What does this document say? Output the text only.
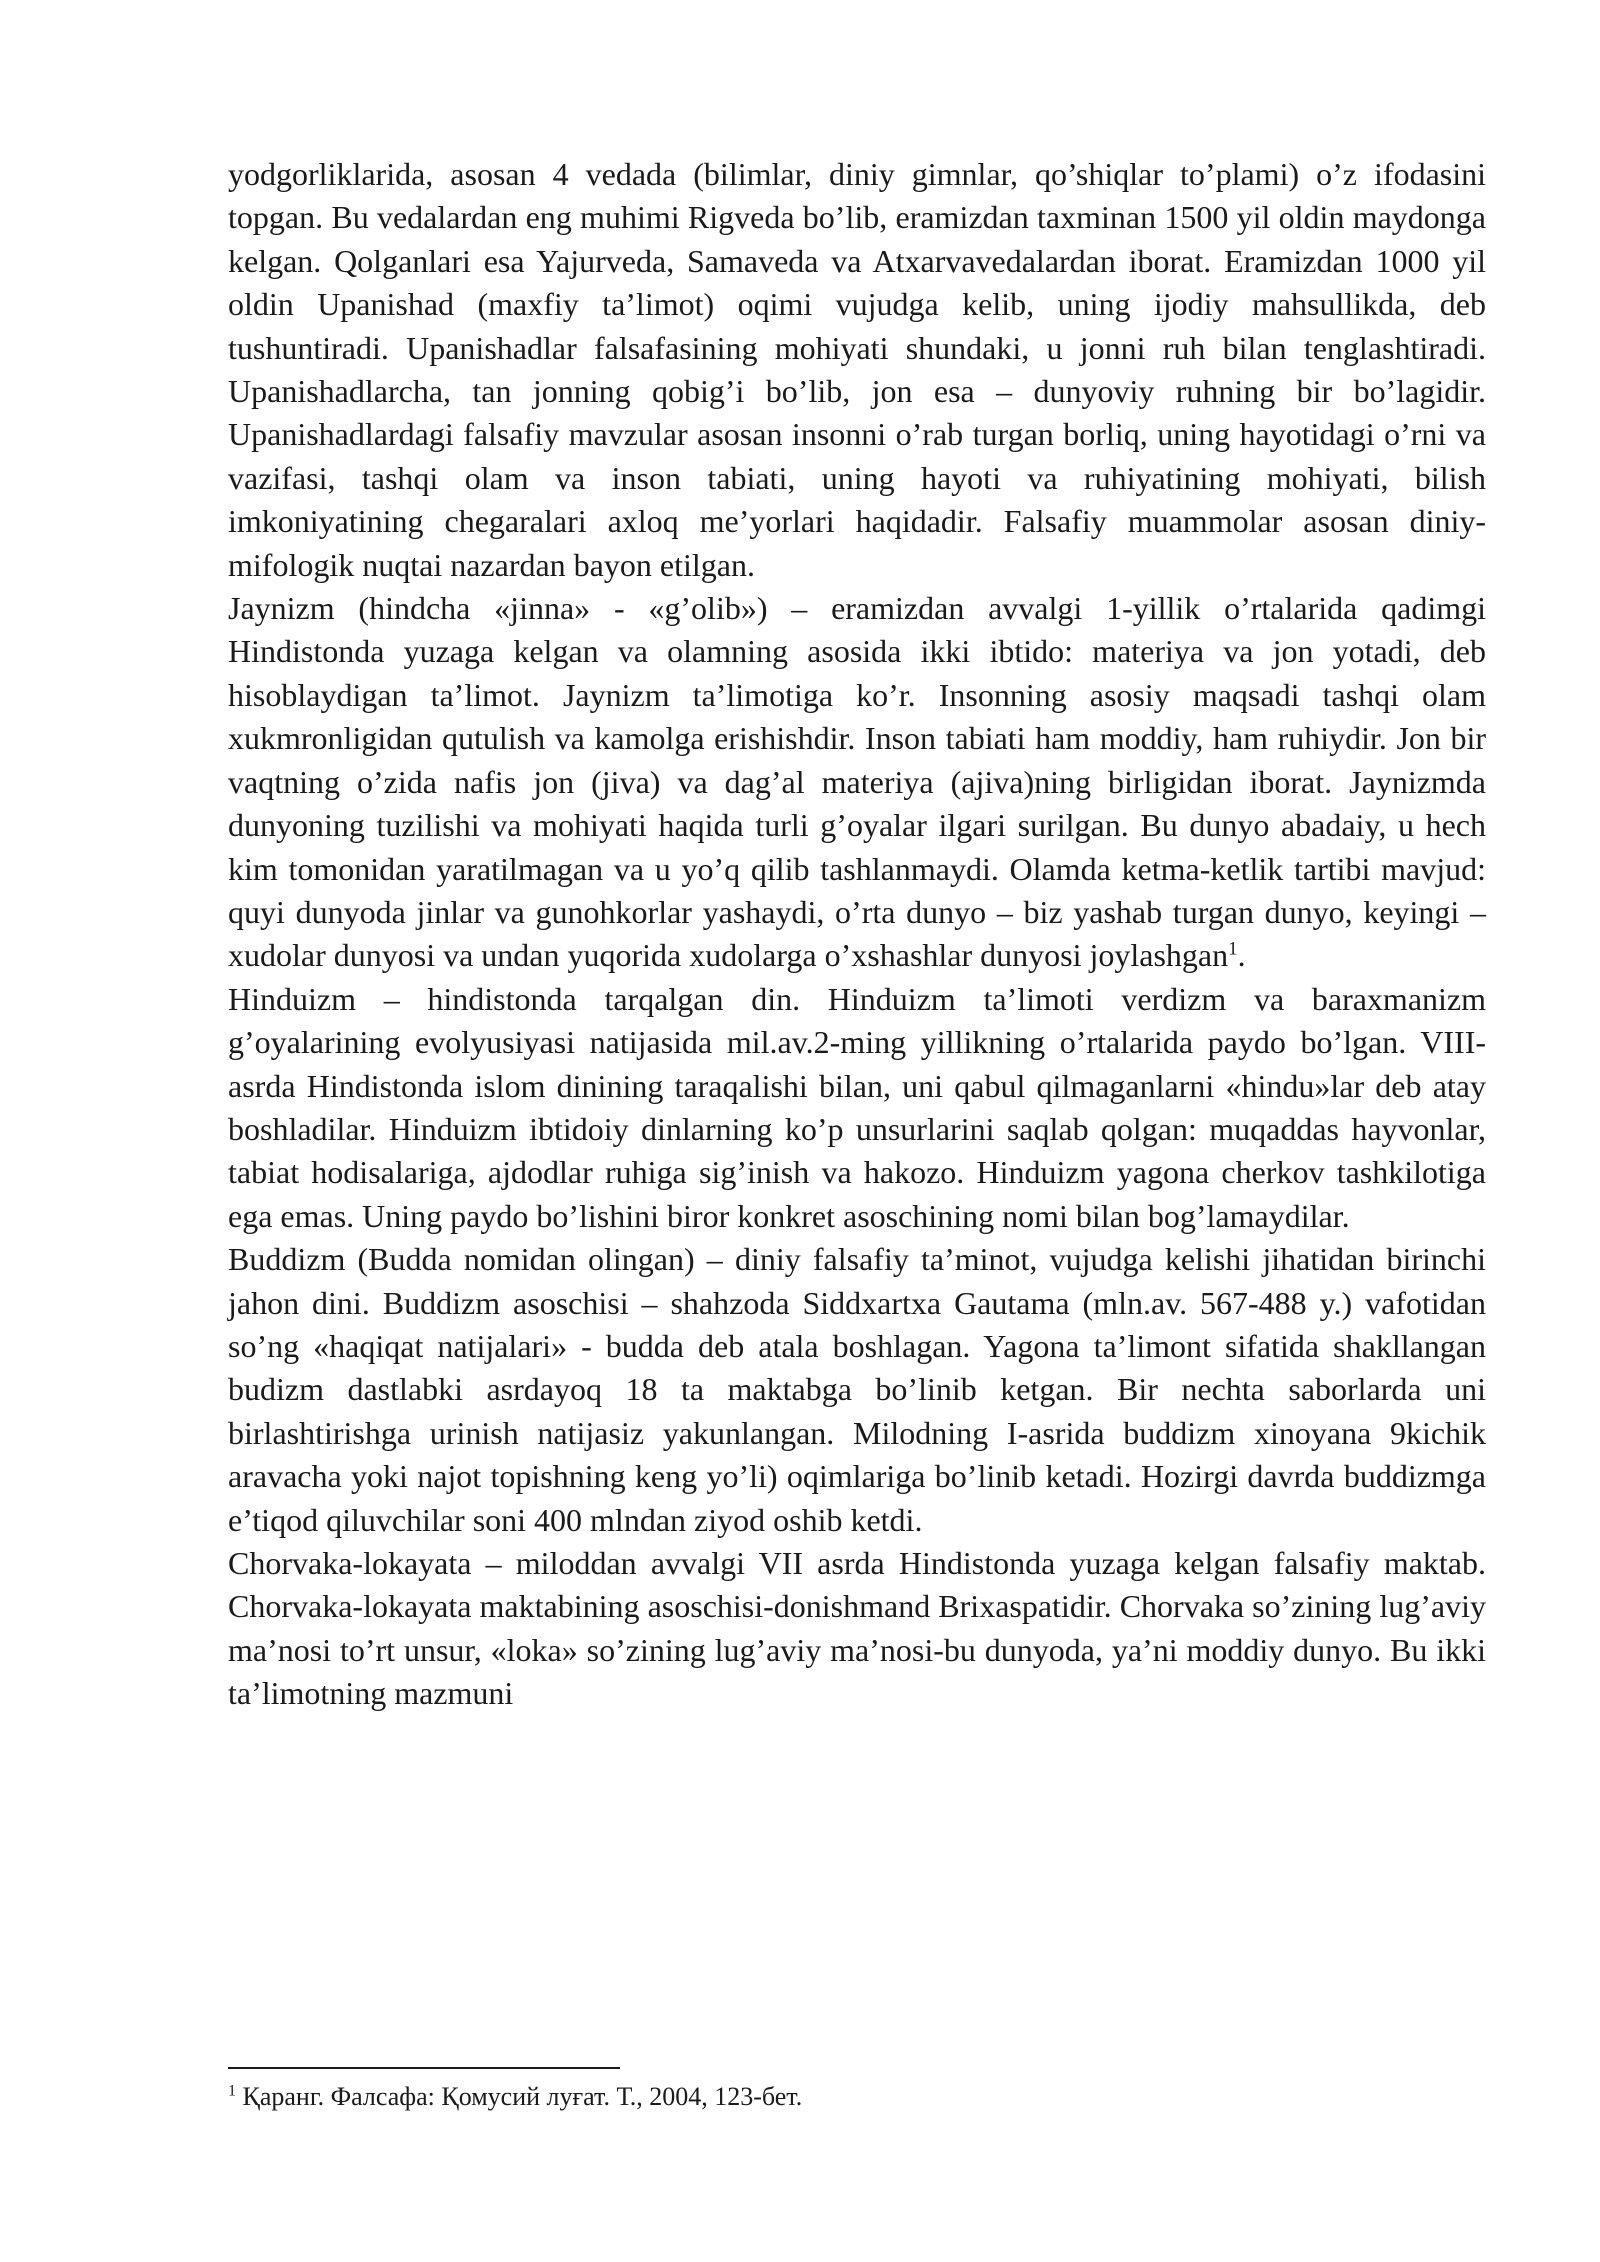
yodgorliklarida, asosan 4 vedada (bilimlar, diniy gimnlar, qo’shiqlar to’plami) o’z ifodasini topgan. Bu vedalardan eng muhimi Rigveda bo’lib, eramizdan taxminan 1500 yil oldin maydonga kelgan. Qolganlari esa Yajurveda, Samaveda va Atxarvavedalardan iborat. Eramizdan 1000 yil oldin Upanishad (maxfiy ta’limot) oqimi vujudga kelib, uning ijodiy mahsullikda, deb tushuntiradi. Upanishadlar falsafasining mohiyati shundaki, u jonni ruh bilan tenglashtiradi. Upanishadlarcha, tan jonning qobig’i bo’lib, jon esa – dunyoviy ruhning bir bo’lagidir. Upanishadlardagi falsafiy mavzular asosan insonni o’rab turgan borliq, uning hayotidagi o’rni va vazifasi, tashqi olam va inson tabiati, uning hayoti va ruhiyatining mohiyati, bilish imkoniyatining chegaralari axloq me’yorlari haqidadir. Falsafiy muammolar asosan diniy-mifologik nuqtai nazardan bayon etilgan.

Jaynizm (hindcha «jinna» - «g’olib») – eramizdan avvalgi 1-yillik o’rtalarida qadimgi Hindistonda yuzaga kelgan va olamning asosida ikki ibtido: materiya va jon yotadi, deb hisoblaydigan ta’limot. Jaynizm ta’limotiga ko’r. Insonning asosiy maqsadi tashqi olam xukmronligidan qutulish va kamolga erishishdir. Inson tabiati ham moddiy, ham ruhiydir. Jon bir vaqtning o’zida nafis jon (jiva) va dag’al materiya (ajiva)ning birligidan iborat. Jaynizmda dunyoning tuzilishi va mohiyati haqida turli g’oyalar ilgari surilgan. Bu dunyo abadaiy, u hech kim tomonidan yaratilmagan va u yo’q qilib tashlanmaydi. Olamda ketma-ketlik tartibi mavjud: quyi dunyoda jinlar va gunohkorlar yashaydi, o’rta dunyo – biz yashab turgan dunyo, keyingi – xudolar dunyosi va undan yuqorida xudolarga o’xshashlar dunyosi joylashgan$^1$.

Hinduizm – hindistonda tarqalgan din. Hinduizm ta’limoti verdizm va baraxmanizm g’oyalarining evolyusiyasi natijasida mil.av.2-ming yillikning o’rtalarida paydo bo’lgan. VIII-asrda Hindistonda islom dinining taraqalishi bilan, uni qabul qilmaganlarni «hindu»lar deb atay boshladilar. Hinduizm ibtidoiy dinlarning ko’p unsurlarini saqlab qolgan: muqaddas hayvonlar, tabiat hodisalariga, ajdodlar ruhiga sig’inish va hakozo. Hinduizm yagona cherkov tashkilotiga ega emas. Uning paydo bo’lishini biror konkret asoschining nomi bilan bog’lamaydilar.

Buddizm (Budda nomidan olingan) – diniy falsafiy ta’minot, vujudga kelishi jihatidan birinchi jahon dini. Buddizm asoschisi – shahzoda Siddxartxa Gautama (mln.av. 567-488 y.) vafotidan so’ng «haqiqat natijalari» - budda deb atala boshlagan. Yagona ta’limont sifatida shakllangan budizm dastlabki asrdayoq 18 ta maktabga bo’linib ketgan. Bir nechta saborlarda uni birlashtirishga urinish natijasiz yakunlangan. Milodning I-asrida buddizm xinoyana 9kichik aravacha yoki najot topishning keng yo’li) oqimlariga bo’linib ketadi. Hozirgi davrda buddizmga e’tiqod qiluvchilar soni 400 mlndan ziyod oshib ketdi.

Chorvaka-lokayata – miloddan avvalgi VII asrda Hindistonda yuzaga kelgan falsafiy maktab. Chorvaka-lokayata maktabining asoschisi-donishmand Brixaspatidir. Chorvaka so’zining lug’aviy ma’nosi to’rt unsur, «loka» so’zining lug’aviy ma’nosi-bu dunyoda, ya’ni moddiy dunyo. Bu ikki ta’limotning mazmuni

$^1$ Қаранг. Фалсафа: Қомусий луғат. Т., 2004, 123-бет.
